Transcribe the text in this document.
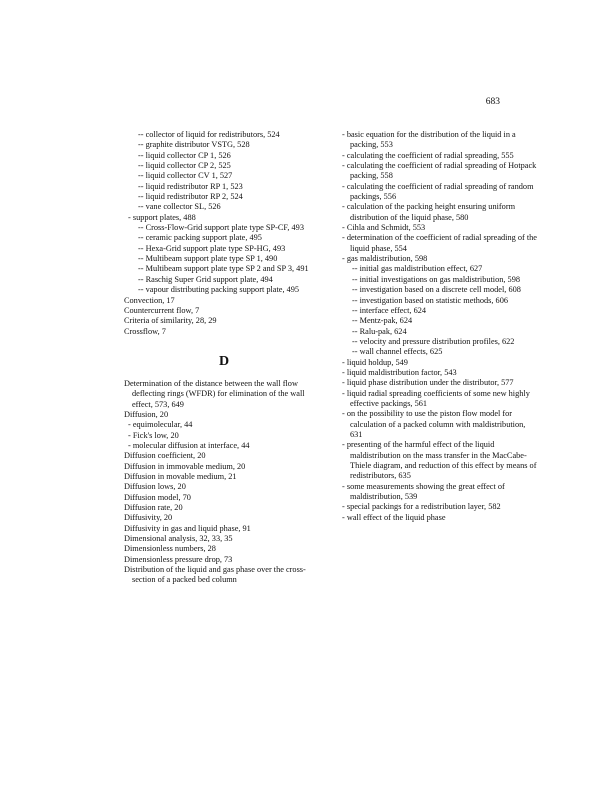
683
-- collector of liquid for redistributors, 524
-- graphite distributor VSTG, 528
-- liquid collector CP 1, 526
-- liquid collector CP 2, 525
-- liquid collector CV 1, 527
-- liquid redistributor RP 1, 523
-- liquid redistributor RP 2, 524
-- vane collector SL, 526
- support plates, 488
-- Cross-Flow-Grid support plate type SP-CF, 493
-- ceramic packing support plate, 495
-- Hexa-Grid support plate type SP-HG, 493
-- Multibeam support plate type SP 1, 490
-- Multibeam support plate type SP 2 and SP 3, 491
-- Raschig Super Grid support plate, 494
-- vapour distributing packing support plate, 495
Convection, 17
Countercurrent flow, 7
Criteria of similarity, 28, 29
Crossflow, 7
D
Determination of the distance between the wall flow deflecting rings (WFDR) for elimination of the wall effect, 573, 649
Diffusion, 20
- equimolecular, 44
- Fick's low, 20
- molecular diffusion at interface, 44
Diffusion coefficient, 20
Diffusion in immovable medium, 20
Diffusion in movable medium, 21
Diffusion lows, 20
Diffusion model, 70
Diffusion rate, 20
Diffusivity, 20
Diffusivity in gas and liquid phase, 91
Dimensional analysis, 32, 33, 35
Dimensionless numbers, 28
Dimensionless pressure drop, 73
Distribution of the liquid and gas phase over the cross-section of a packed bed column
- basic equation for the distribution of the liquid in a packing, 553
- calculating the coefficient of radial spreading, 555
- calculating the coefficient of radial spreading of Hotpack packing, 558
- calculating the coefficient of radial spreading of random packings, 556
- calculation of the packing height ensuring uniform distribution of the liquid phase, 580
- Cihla and Schmidt, 553
- determination of the coefficient of radial spreading of the liquid phase, 554
- gas maldistribution, 598
-- initial gas maldistribution effect, 627
-- initial investigations on gas maldistribution, 598
-- investigation based on a discrete cell model, 608
-- investigation based on statistic methods, 606
-- interface effect, 624
-- Mentz-pak, 624
-- Ralu-pak, 624
-- velocity and pressure distribution profiles, 622
-- wall channel effects, 625
- liquid holdup, 549
- liquid maldistribution factor, 543
- liquid phase distribution under the distributor, 577
- liquid radial spreading coefficients of some new highly effective packings, 561
- on the possibility to use the piston flow model for calculation of a packed column with maldistribution, 631
- presenting of the harmful effect of the liquid maldistribution on the mass transfer in the MacCabe-Thiele diagram, and reduction of this effect by means of redistributors, 635
- some measurements showing the great effect of maldistribution, 539
- special packings for a redistribution layer, 582
- wall effect of the liquid phase
